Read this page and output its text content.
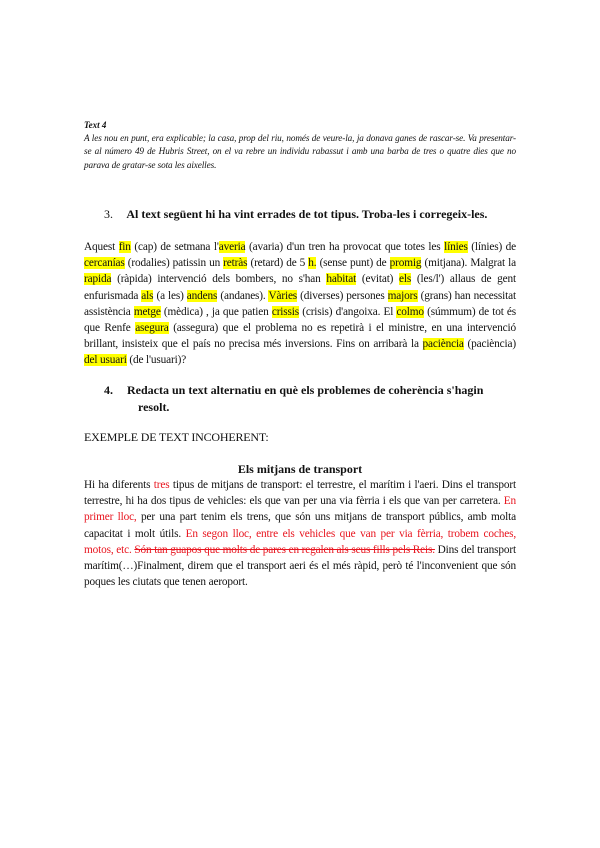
Text 4
A les nou en punt, era explicable; la casa, prop del riu, només de veure-la, ja donava ganes de rascar-se. Va presentar-se al número 49 de Hubris Street, on el va rebre un individu rabassut i amb una barba de tres o quatre dies que no parava de gratar-se sota les aixelles.
3. Al text següent hi ha vint errades de tot tipus. Troba-les i corregeix-les.
Aquest fin (cap) de setmana l'averia (avaria) d'un tren ha provocat que totes les línies (línies) de cercanías (rodalies) patissin un retràs (retard) de 5 h. (sense punt) de promig (mitjana). Malgrat la rapida (ràpida) intervenció dels bombers, no s'han habitat (evitat) els (les/l') allaus de gent enfurismada als (a les) andens (andanes). Vàries (diverses) persones majors (grans) han necessitat assistència metge (mèdica) , ja que patien crissis (crisis) d'angoixa. El colmo (súmmum) de tot és que Renfe asegura (assegura) que el problema no es repetirà i el ministre, en una intervenció brillant, insisteix que el país no precisa més inversions. Fins on arribarà la paciència (paciència) del usuari (de l'usuari)?
4. Redacta un text alternatiu en què els problemes de coherència s'hagin
resolt.
EXEMPLE DE TEXT INCOHERENT:
Els mitjans de transport
Hi ha diferents tres tipus de mitjans de transport: el terrestre, el marítim i l'aeri. Dins el transport terrestre, hi ha dos tipus de vehicles: els que van per una via fèrria i els que van per carretera. En primer lloc, per una part tenim els trens, que són uns mitjans de transport públics, amb molta capacitat i molt útils. En segon lloc, entre els vehicles que van per via fèrria, trobem coches, motos, etc. Són tan guapos que molts de pares en regalen als seus fills pels Reis. Dins del transport marítim(…)Finalment, direm que el transport aeri és el més ràpid, però té l'inconvenient que són poques les ciutats que tenen aeroport.
